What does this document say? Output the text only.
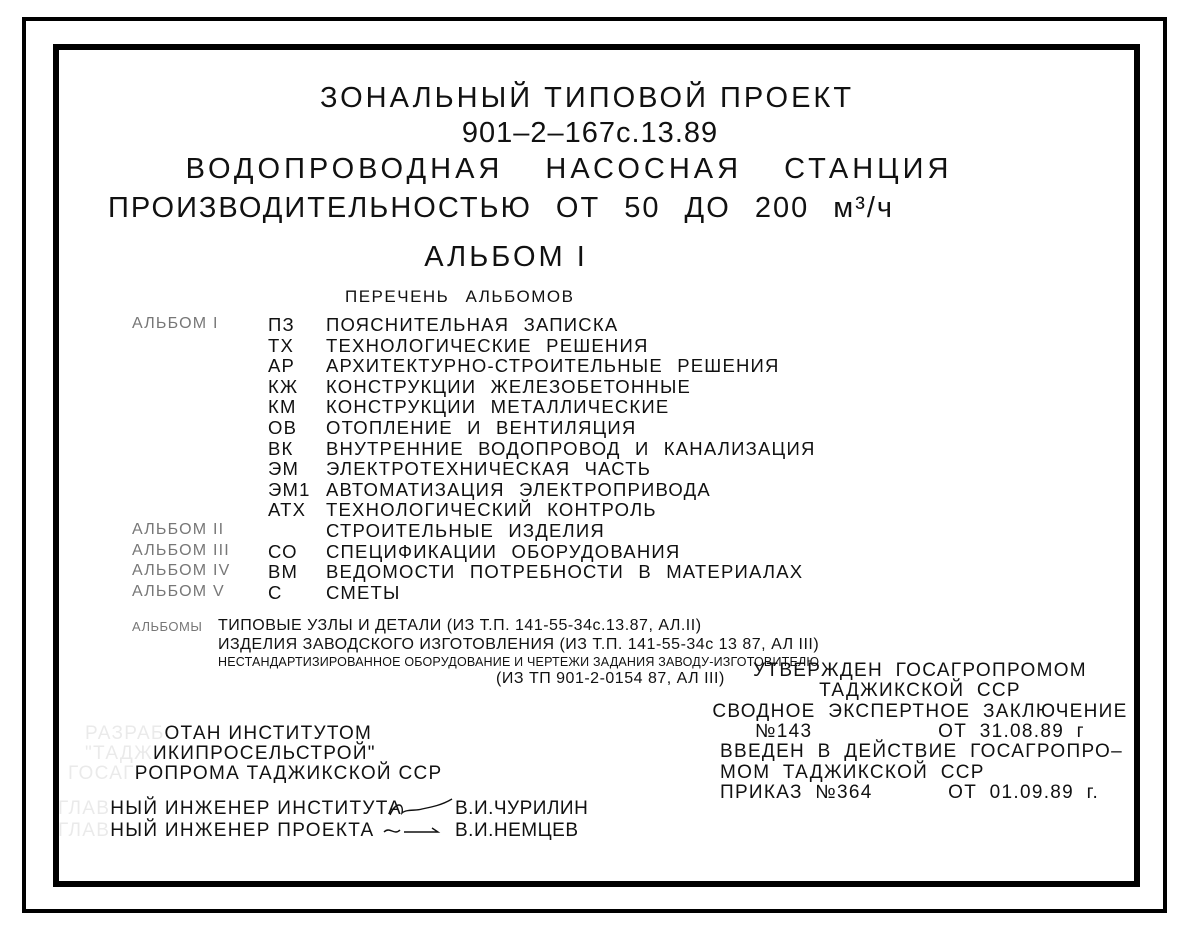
ЗОНАЛЬНЫЙ ТИПОВОЙ ПРОЕКТ
901–2–167с.13.89
ВОДОПРОВОДНАЯ НАСОСНАЯ СТАНЦИЯ
ПРОИЗВОДИТЕЛЬНОСТЬЮ ОТ 50 ДО 200 м³/ч
АЛЬБОМ I
ПЕРЕЧЕНЬ АЛЬБОМОВ
АЛЬБОМ I	ПЗ ПОЯСНИТЕЛЬНАЯ ЗАПИСКА
ТХ ТЕХНОЛОГИЧЕСКИЕ РЕШЕНИЯ
АР АРХИТЕКТУРНО-СТРОИТЕЛЬНЫЕ РЕШЕНИЯ
КЖ КОНСТРУКЦИИ ЖЕЛЕЗОБЕТОННЫЕ
КМ КОНСТРУКЦИИ МЕТАЛЛИЧЕСКИЕ
ОВ ОТОПЛЕНИЕ И ВЕНТИЛЯЦИЯ
ВК ВНУТРЕННИЕ ВОДОПРОВОД И КАНАЛИЗАЦИЯ
ЭМ ЭЛЕКТРОТЕХНИЧЕСКАЯ ЧАСТЬ
ЭМ1 АВТОМАТИЗАЦИЯ ЭЛЕКТРОПРИВОДА
АТХ ТЕХНОЛОГИЧЕСКИЙ КОНТРОЛЬ
АЛЬБОМ II	СТРОИТЕЛЬНЫЕ ИЗДЕЛИЯ
АЛЬБОМ III СО СПЕЦИФИКАЦИИ ОБОРУДОВАНИЯ
АЛЬБОМ IV ВМ ВЕДОМОСТИ ПОТРЕБНОСТИ В МАТЕРИАЛАХ
АЛЬБОМ V С СМЕТЫ
АЛЬБОМЫ ТИПОВЫЕ УЗЛЫ И ДЕТАЛИ (ИЗ Т.П. 141-55-34с.13.87, АЛ.II)
ИЗДЕЛИЯ ЗАВОДСКОГО ИЗГОТОВЛЕНИЯ (ИЗ Т.П. 141-55-34с 13 87, АЛ III)
НЕСТАНДАРТИЗИРОВАННОЕ ОБОРУДОВАНИЕ И ЧЕРТЕЖИ ЗАДАНИЯ ЗАВОДУ-ИЗГОТОВИТЕЛЮ
(ИЗ ТП 901-2-0154 87, АЛ III)	УТВЕРЖДЕН ГОСАГРОПРОМОМ
ТАДЖИКСКОЙ ССР
СВОДНОЕ ЭКСПЕРТНОЕ ЗАКЛЮЧЕНИЕ
№143          ОТ 31.08.89 г
ВВЕДЕН В ДЕЙСТВИЕ ГОСАГРОПРО–
МОМ ТАДЖИКСКОЙ ССР
ПРИКАЗ №364      ОТ 01.09.89 г.
РАЗРАБОТАН ИНСТИТУТОМ
"ТАДЖИКИПРОСЕЛЬСТРОЙ"
ГОСАГРОПРОМА ТАДЖИКСКОЙ ССР
ГЛАВНЫЙ ИНЖЕНЕР ИНСТИТУТА	В.И.ЧУРИЛИН
ГЛАВНЫЙ ИНЖЕНЕР ПРОЕКТА	В.И.НЕМЦЕВ
